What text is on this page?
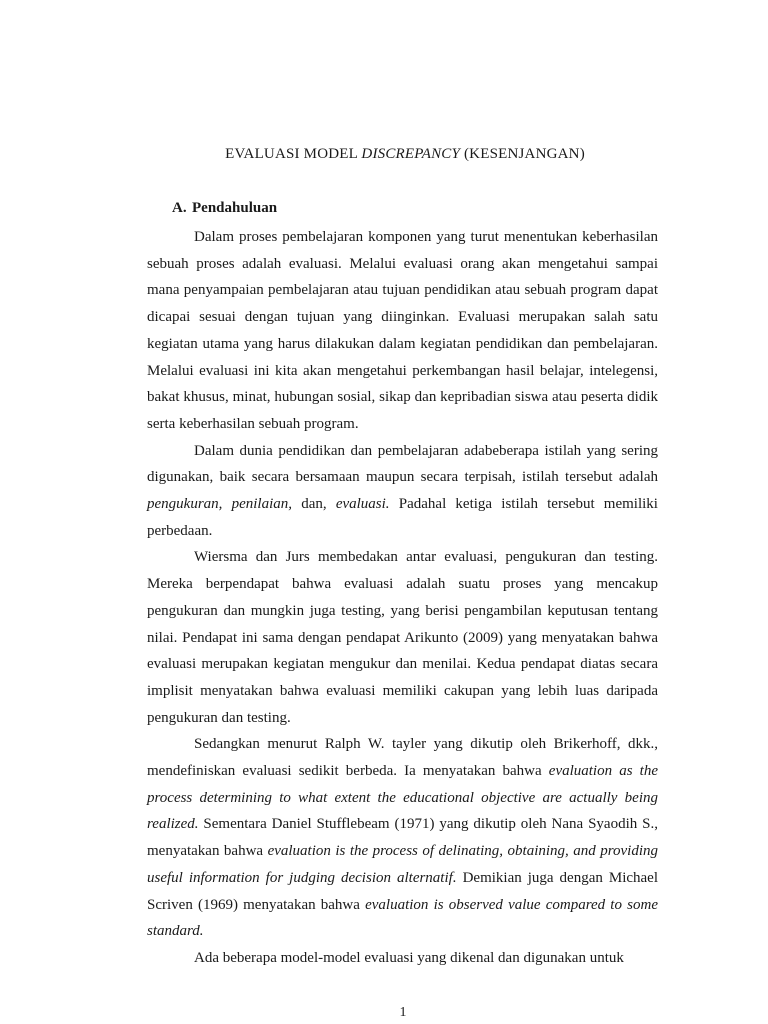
EVALUASI MODEL DISCREPANCY (KESENJANGAN)
A. Pendahuluan

Dalam proses pembelajaran komponen yang turut menentukan keberhasilan sebuah proses adalah evaluasi. Melalui evaluasi orang akan mengetahui sampai mana penyampaian pembelajaran atau tujuan pendidikan atau sebuah program dapat dicapai sesuai dengan tujuan yang diinginkan. Evaluasi merupakan salah satu kegiatan utama yang harus dilakukan dalam kegiatan pendidikan dan pembelajaran. Melalui evaluasi ini kita akan mengetahui perkembangan hasil belajar, intelegensi, bakat khusus, minat, hubungan sosial, sikap dan kepribadian siswa atau peserta didik serta keberhasilan sebuah program.

Dalam dunia pendidikan dan pembelajaran adabeberapa istilah yang sering digunakan, baik secara bersamaan maupun secara terpisah, istilah tersebut adalah pengukuran, penilaian, dan, evaluasi. Padahal ketiga istilah tersebut memiliki perbedaan.

Wiersma dan Jurs membedakan antar evaluasi, pengukuran dan testing. Mereka berpendapat bahwa evaluasi adalah suatu proses yang mencakup pengukuran dan mungkin juga testing, yang berisi pengambilan keputusan tentang nilai. Pendapat ini sama dengan pendapat Arikunto (2009) yang menyatakan bahwa evaluasi merupakan kegiatan mengukur dan menilai. Kedua pendapat diatas secara implisit menyatakan bahwa evaluasi memiliki cakupan yang lebih luas daripada pengukuran dan testing.

Sedangkan menurut Ralph W. tayler yang dikutip oleh Brikerhoff, dkk., mendefiniskan evaluasi sedikit berbeda. Ia menyatakan bahwa evaluation as the process determining to what extent the educational objective are actually being realized. Sementara Daniel Stufflebeam (1971) yang dikutip oleh Nana Syaodih S., menyatakan bahwa evaluation is the process of delinating, obtaining, and providing useful information for judging decision alternatif. Demikian juga dengan Michael Scriven (1969) menyatakan bahwa evaluation is observed value compared to some standard.

Ada beberapa model-model evaluasi yang dikenal dan digunakan untuk

1
